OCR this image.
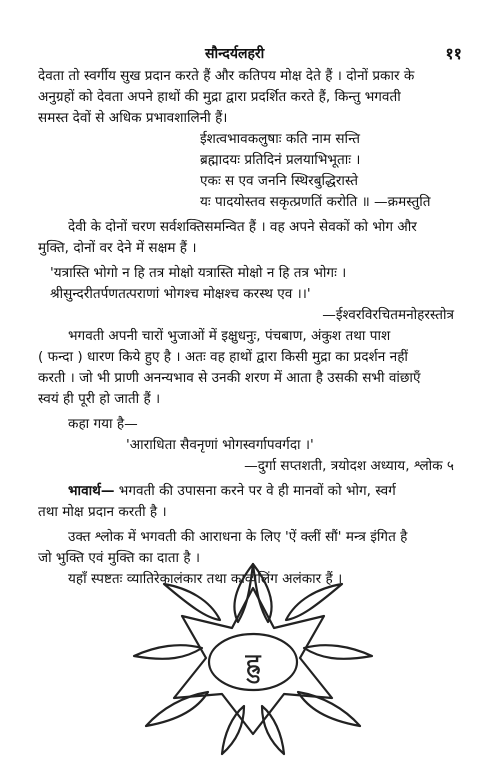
सौन्दर्यलहरी	११

देवता तो स्वर्गीय सुख प्रदान करते हैं और कतिपय मोक्ष देते हैं । दोनों प्रकार के

अनुग्रहों को देवता अपने हाथों की मुद्रा द्वारा प्रदर्शित करते हैं, किन्तु भगवती

समस्त देवों से अधिक प्रभावशालिनी हैं।

ईशत्वभावकलुषाः कति नाम सन्ति

ब्रह्मादयः प्रतिदिनं प्रलयाभिभूताः ।

एकः स एव जननि स्थिरबुद्धिरास्ते

यः पादयोस्तव सकृत्प्रणतिं करोति ॥ —क्रमस्तुति

देवी के दोनों चरण सर्वशक्तिसमन्वित हैं । वह अपने सेवकों को भोग और

मुक्ति, दोनों वर देने में सक्षम हैं ।

'यत्रास्ति भोगो न हि तत्र मोक्षो यत्रास्ति मोक्षो न हि तत्र भोगः ।

श्रीसुन्दरीतर्पणतत्पराणां भोगश्च मोक्षश्च करस्थ एव ।।'

—ईश्वरविरचितमनोहरस्तोत्र

भगवती अपनी चारों भुजाओं में इक्षुधनुः, पंचबाण, अंकुश तथा पाश

( फन्दा ) धारण किये हुए है । अतः वह हाथों द्वारा किसी मुद्रा का प्रदर्शन नहीं

करती । जो भी प्राणी अनन्यभाव से उनकी शरण में आता है उसकी सभी वांछाएँ

स्वयं ही पूरी हो जाती हैं ।

कहा गया है—

'आराधिता सैवनृणां भोगस्वर्गापवर्गदा ।'

—दुर्गा सप्तशती, त्रयोदश अध्याय, श्लोक ५

भावार्थ— भगवती की उपासना करने पर वे ही मानवों को भोग, स्वर्ग

तथा मोक्ष प्रदान करती है ।

उक्त श्लोक में भगवती की आराधना के लिए 'ऐं क्लीं सौं' मन्त्र इंगित है

जो भुक्ति एवं मुक्ति का दाता है ।

यहाँ स्पष्टतः व्यातिरेकालंकार तथा काव्यलिंग अलंकार हैं ।

ह्रु
